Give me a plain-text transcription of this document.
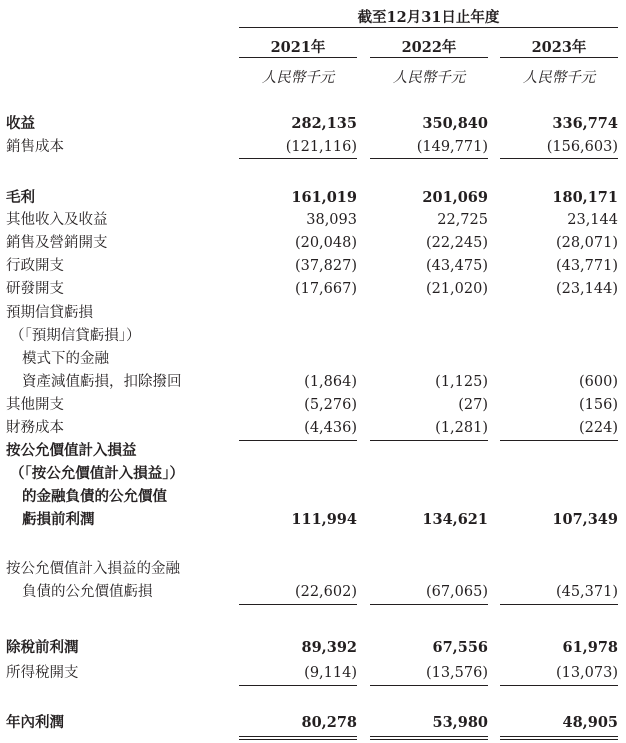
截至12月31日止年度
2021年	2022年	2023年
人民幣千元	人民幣千元	人民幣千元
收益	282,135	350,840	336,774
銷售成本	(121,116)	(149,771)	(156,603)
毛利	161,019	201,069	180,171
其他收入及收益	38,093	22,725	23,144
銷售及營銷開支	(20,048)	(22,245)	(28,071)
行政開支	(37,827)	(43,475)	(43,771)
研發開支	(17,667)	(21,020)	(23,144)
預期信貸虧損
（「預期信貸虧損」）
模式下的金融
資產減值虧損，扣除撥回	(1,864)	(1,125)	(600)
其他開支	(5,276)	(27)	(156)
財務成本	(4,436)	(1,281)	(224)
按公允價值計入損益
（「按公允價值計入損益」）
的金融負債的公允價值
虧損前利潤	111,994	134,621	107,349
按公允價值計入損益的金融
負債的公允價值虧損	(22,602)	(67,065)	(45,371)
除稅前利潤	89,392	67,556	61,978
所得稅開支	(9,114)	(13,576)	(13,073)
年內利潤	80,278	53,980	48,905
